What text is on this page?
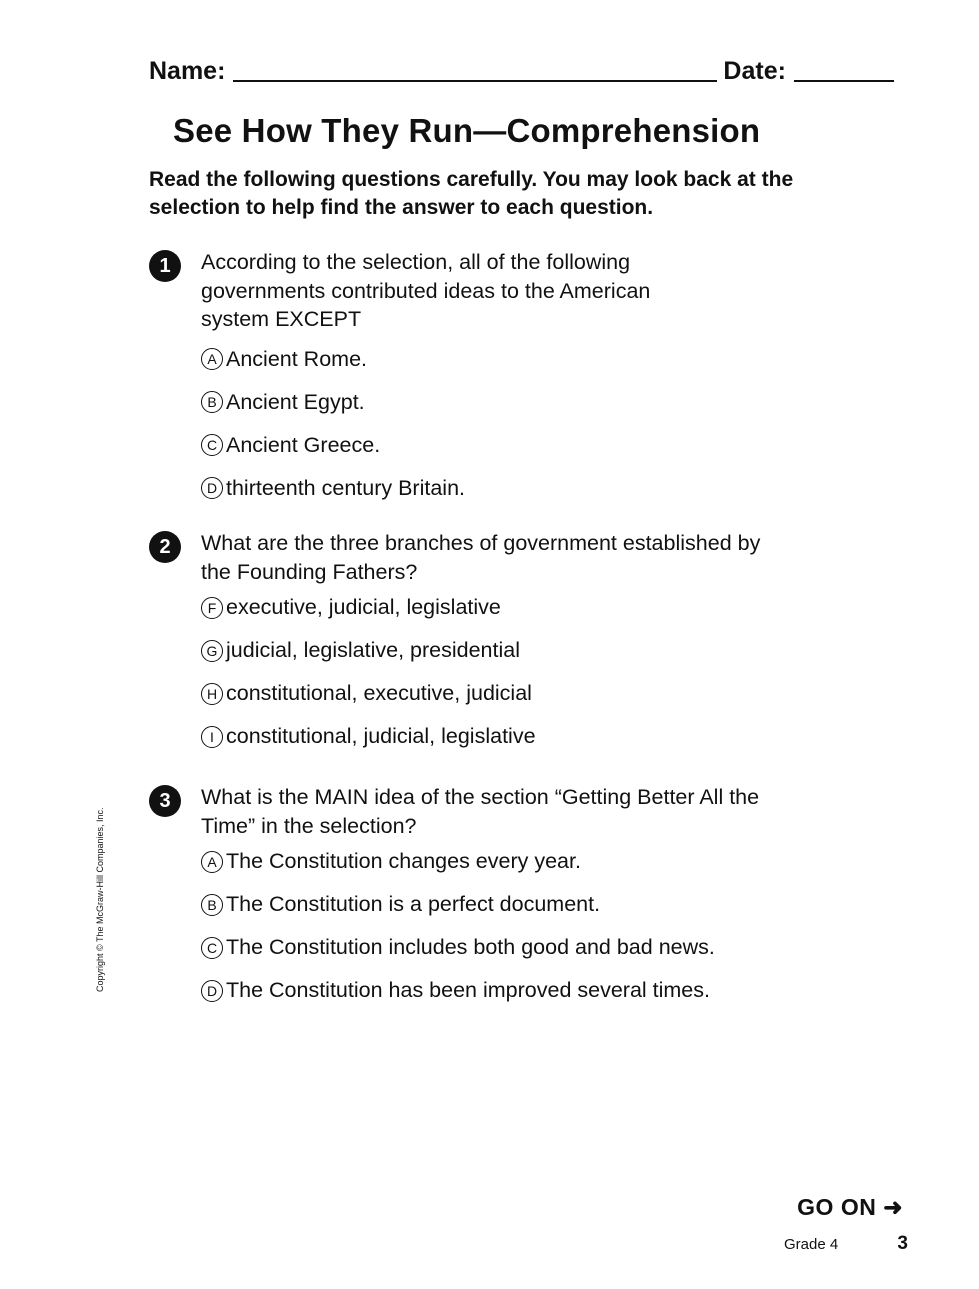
Name:	Date:
See How They Run—Comprehension
Read the following questions carefully. You may look back at the selection to help find the answer to each question.
1	According to the selection, all of the following governments contributed ideas to the American system EXCEPT
A Ancient Rome.
B Ancient Egypt.
C Ancient Greece.
D thirteenth century Britain.
2	What are the three branches of government established by the Founding Fathers?
F executive, judicial, legislative
G judicial, legislative, presidential
H constitutional, executive, judicial
I constitutional, judicial, legislative
3	What is the MAIN idea of the section “Getting Better All the Time” in the selection?
A The Constitution changes every year.
B The Constitution is a perfect document.
C The Constitution includes both good and bad news.
D The Constitution has been improved several times.
Copyright © The McGraw-Hill Companies, Inc.
GO ON ➜
Grade 4	3
